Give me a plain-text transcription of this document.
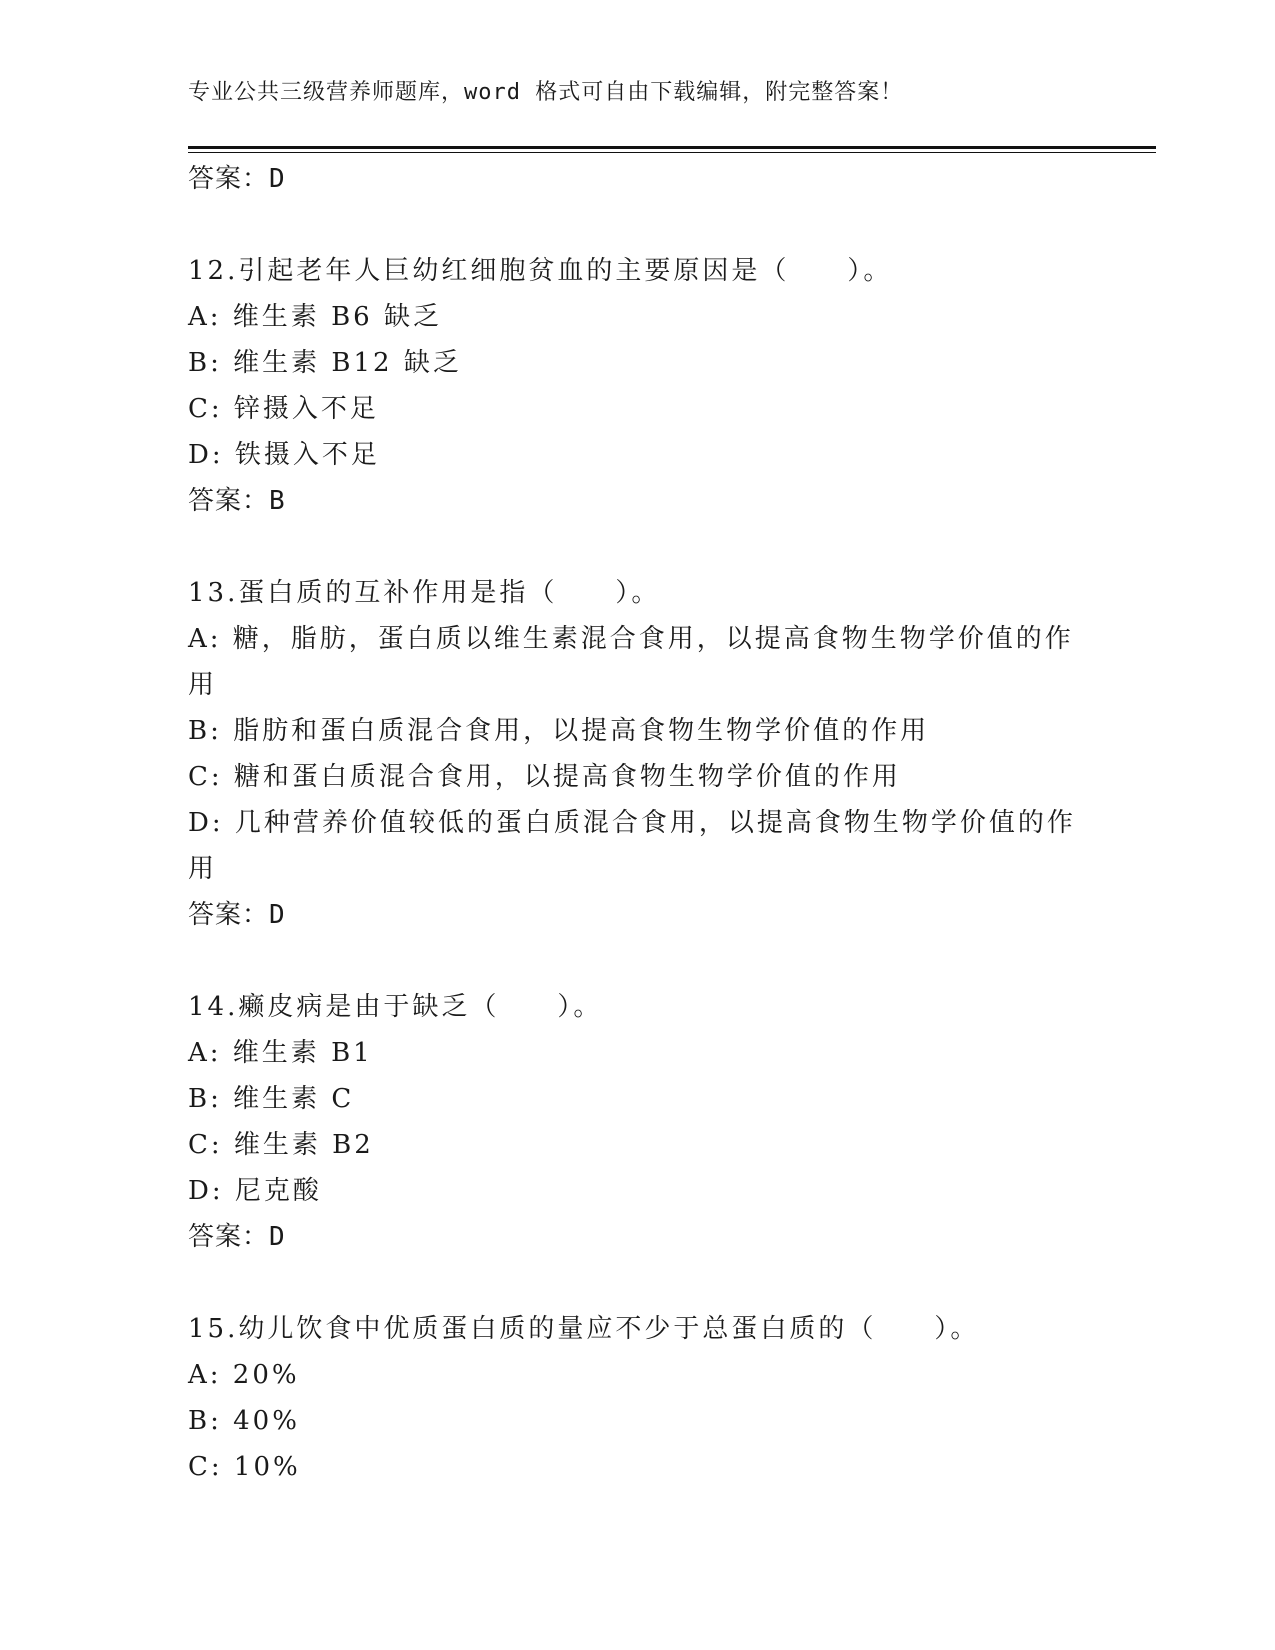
专业公共三级营养师题库，word 格式可自由下载编辑，附完整答案！
答案：D
12.引起老年人巨幼红细胞贫血的主要原因是（　　）。
A: 维生素 B6 缺乏
B: 维生素 B12 缺乏
C: 锌摄入不足
D: 铁摄入不足
答案：B
13.蛋白质的互补作用是指（　　）。
A: 糖，脂肪，蛋白质以维生素混合食用，以提高食物生物学价值的作
用
B: 脂肪和蛋白质混合食用，以提高食物生物学价值的作用
C: 糖和蛋白质混合食用，以提高食物生物学价值的作用
D: 几种营养价值较低的蛋白质混合食用，以提高食物生物学价值的作
用
答案：D
14.癞皮病是由于缺乏（　　）。
A: 维生素 B1
B: 维生素 C
C: 维生素 B2
D: 尼克酸
答案：D
15.幼儿饮食中优质蛋白质的量应不少于总蛋白质的（　　）。
A: 20%
B: 40%
C: 10%
